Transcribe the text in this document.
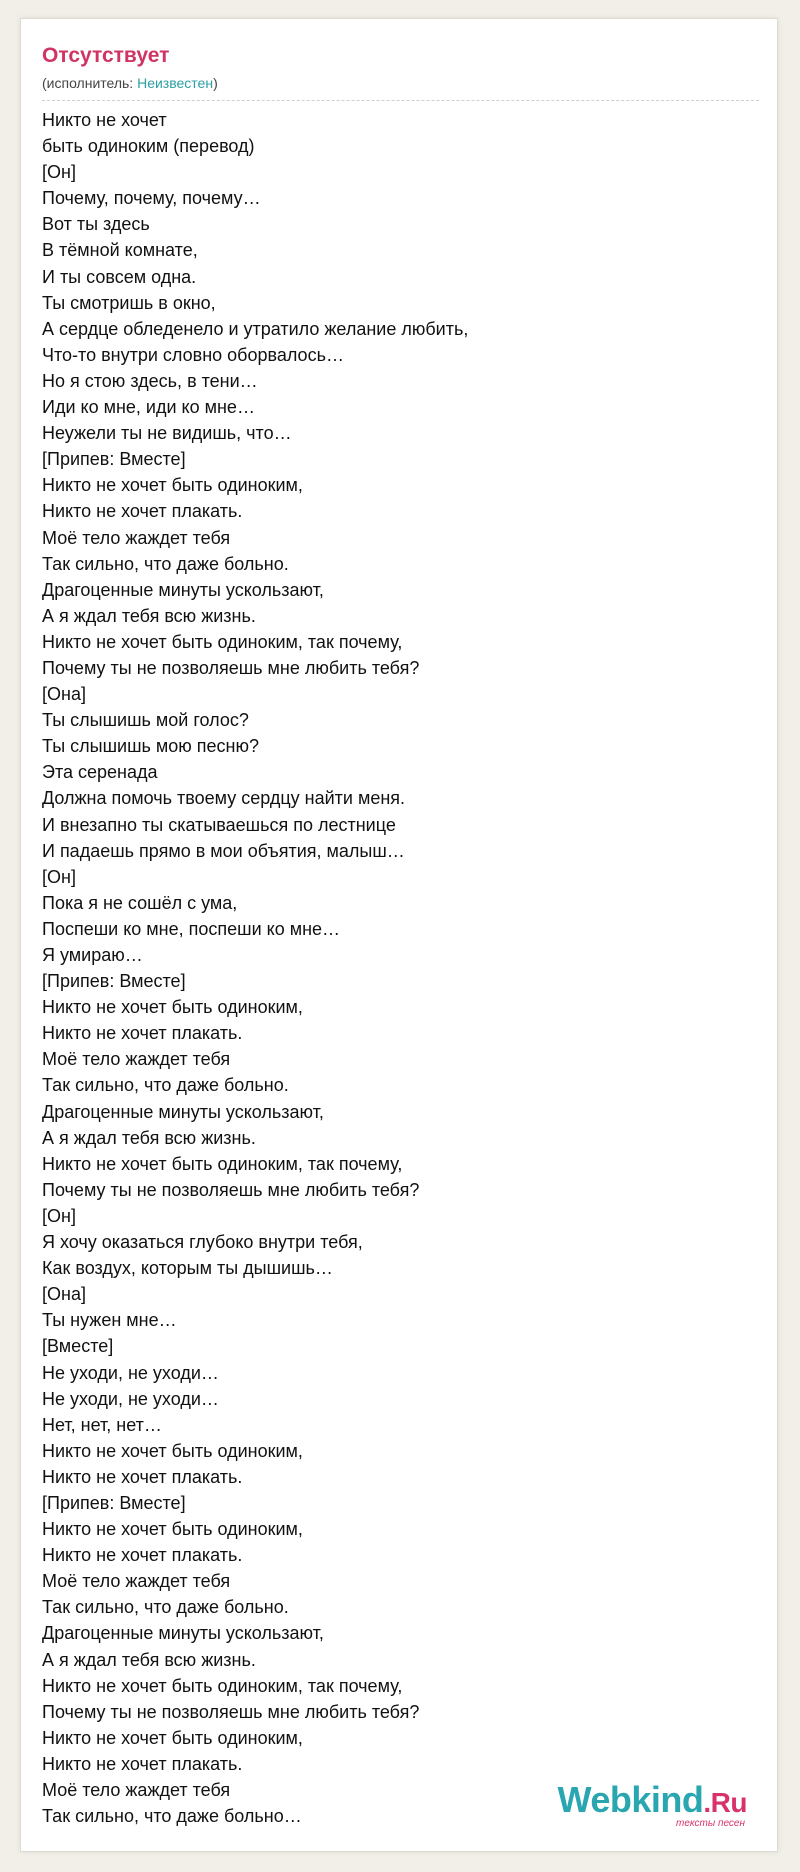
Отсутствует
(исполнитель: Неизвестен)
Никто не хочет
быть одиноким (перевод)
[Он]
Почему, почему, почему…
Вот ты здесь
В тёмной комнате,
И ты совсем одна.
Ты смотришь в окно,
А сердце обледенело и утратило желание любить,
Что-то внутри словно оборвалось…
Но я стою здесь, в тени…
Иди ко мне, иди ко мне…
Неужели ты не видишь, что…
[Припев: Вместе]
Никто не хочет быть одиноким,
Никто не хочет плакать.
Моё тело жаждет тебя
Так сильно, что даже больно.
Драгоценные минуты ускользают,
А я ждал тебя всю жизнь.
Никто не хочет быть одиноким, так почему,
Почему ты не позволяешь мне любить тебя?
[Она]
Ты слышишь мой голос?
Ты слышишь мою песню?
Эта серенада
Должна помочь твоему сердцу найти меня.
И внезапно ты скатываешься по лестнице
И падаешь прямо в мои объятия, малыш…
[Он]
Пока я не сошёл с ума,
Поспеши ко мне, поспеши ко мне…
Я умираю…
[Припев: Вместе]
Никто не хочет быть одиноким,
Никто не хочет плакать.
Моё тело жаждет тебя
Так сильно, что даже больно.
Драгоценные минуты ускользают,
А я ждал тебя всю жизнь.
Никто не хочет быть одиноким, так почему,
Почему ты не позволяешь мне любить тебя?
[Он]
Я хочу оказаться глубоко внутри тебя,
Как воздух, которым ты дышишь…
[Она]
Ты нужен мне…
[Вместе]
Не уходи, не уходи…
Не уходи, не уходи…
Нет, нет, нет…
Никто не хочет быть одиноким,
Никто не хочет плакать.
[Припев: Вместе]
Никто не хочет быть одиноким,
Никто не хочет плакать.
Моё тело жаждет тебя
Так сильно, что даже больно.
Драгоценные минуты ускользают,
А я ждал тебя всю жизнь.
Никто не хочет быть одиноким, так почему,
Почему ты не позволяешь мне любить тебя?
Никто не хочет быть одиноким,
Никто не хочет плакать.
Моё тело жаждет тебя
Так сильно, что даже больно…	Webkind.Ru
тексты песен
